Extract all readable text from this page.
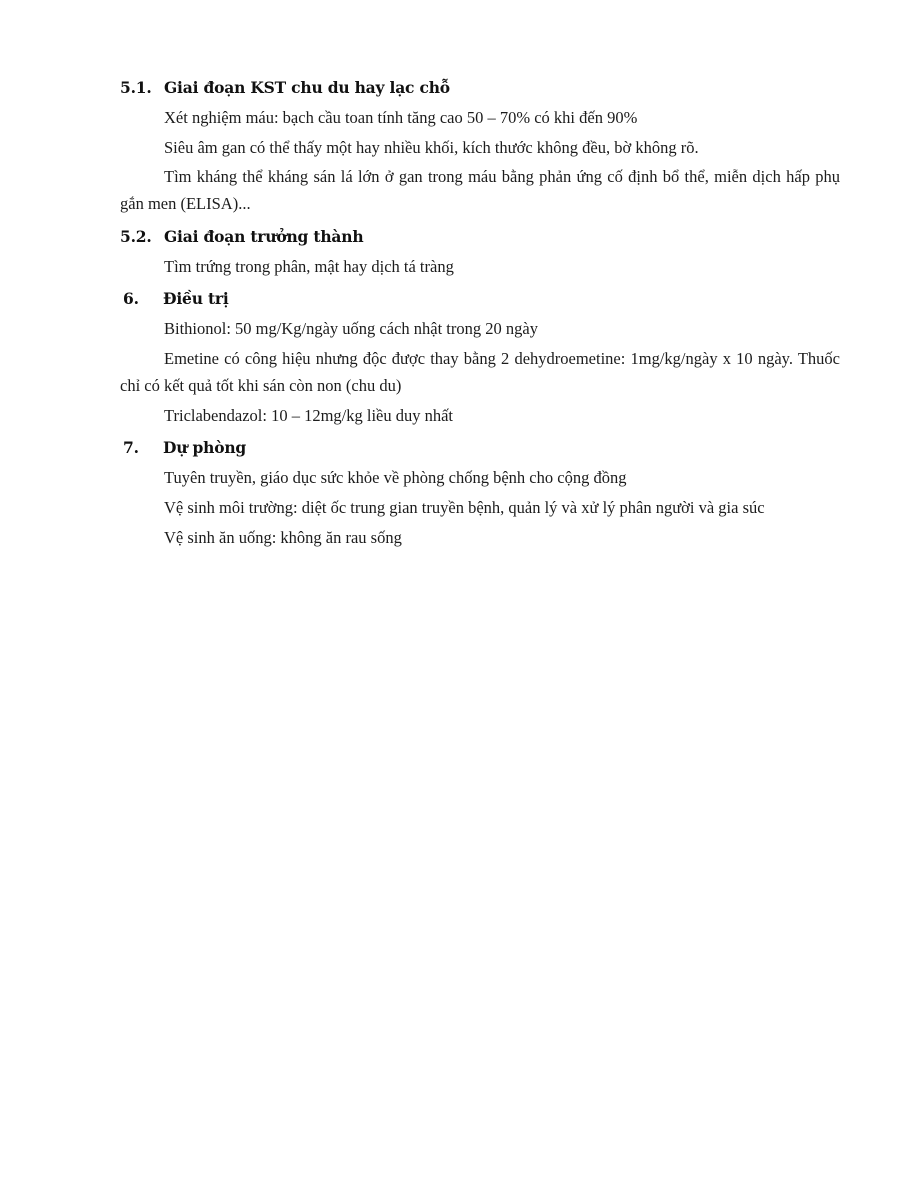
5.1. Giai đoạn KST chu du hay lạc chỗ

Xét nghiệm máu: bạch cầu toan tính tăng cao 50 – 70% có khi đến 90%

Siêu âm gan có thể thấy một hay nhiều khối, kích thước không đều, bờ không rõ.

Tìm kháng thể kháng sán lá lớn ở gan trong máu bằng phản ứng cố định bổ thể, miễn dịch hấp phụ gắn men (ELISA)...

5.2. Giai đoạn trưởng thành

Tìm trứng trong phân, mật hay dịch tá tràng

6.	Điều trị

Bithionol: 50 mg/Kg/ngày uống cách nhật trong 20 ngày

Emetine có công hiệu nhưng độc được thay bằng 2 dehydroemetine: 1mg/kg/ngày x 10 ngày. Thuốc chỉ có kết quả tốt khi sán còn non (chu du)

Triclabendazol: 10 – 12mg/kg liều duy nhất

7.	Dự phòng

Tuyên truyền, giáo dục sức khỏe về phòng chống bệnh cho cộng đồng

Vệ sinh môi trường: diệt ốc trung gian truyền bệnh, quản lý và xử lý phân người và gia súc

Vệ sinh ăn uống: không ăn rau sống
